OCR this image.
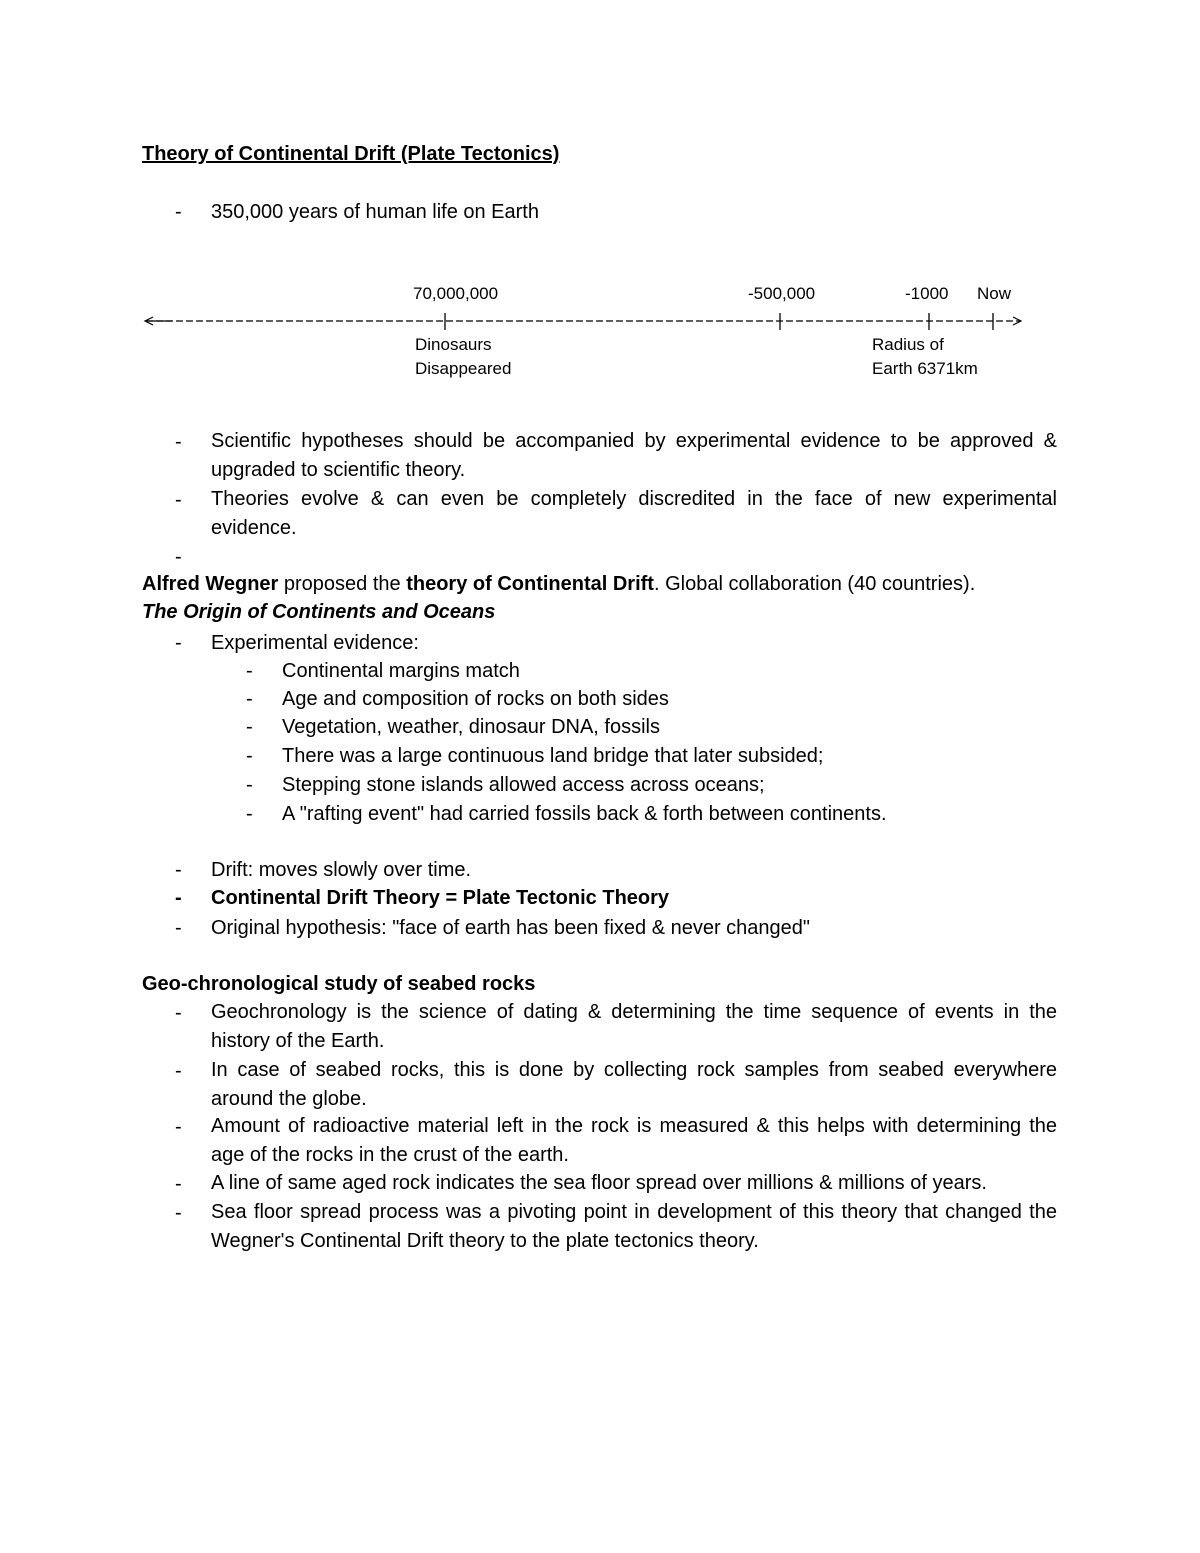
Theory of Continental Drift (Plate Tectonics)
- 350,000 years of human life on Earth
70,000,000	-500,000	-1000 Now
Dinosaurs
Disappeared
Radius of
Earth 6371km
- Scientific hypotheses should be accompanied by experimental evidence to be approved & upgraded to scientific theory.
- Theories evolve & can even be completely discredited in the face of new experimental evidence.
-
Alfred Wegner proposed the theory of Continental Drift. Global collaboration (40 countries).
The Origin of Continents and Oceans
- Experimental evidence:
- Continental margins match
- Age and composition of rocks on both sides
- Vegetation, weather, dinosaur DNA, fossils
- There was a large continuous land bridge that later subsided;
- Stepping stone islands allowed access across oceans;
- A "rafting event" had carried fossils back & forth between continents.
- Drift: moves slowly over time.
- Continental Drift Theory = Plate Tectonic Theory
- Original hypothesis: "face of earth has been fixed & never changed"
Geo-chronological study of seabed rocks
- Geochronology is the science of dating & determining the time sequence of events in the history of the Earth.
- In case of seabed rocks, this is done by collecting rock samples from seabed everywhere around the globe.
- Amount of radioactive material left in the rock is measured & this helps with determining the age of the rocks in the crust of the earth.
- A line of same aged rock indicates the sea floor spread over millions & millions of years.
- Sea floor spread process was a pivoting point in development of this theory that changed the Wegner's Continental Drift theory to the plate tectonics theory.
